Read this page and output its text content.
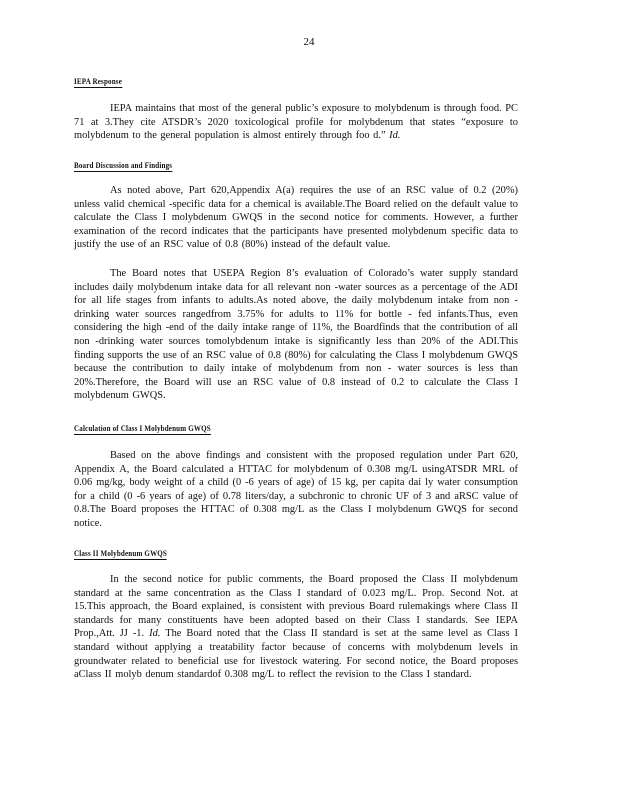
24
IEPA Response
IEPA maintains that most of the general public’s exposure to molybdenum is through food. PC 71 at 3.They cite ATSDR’s 2020 toxicological profile for molybdenum that states “exposure to molybdenum to the general population is almost entirely through foo d.” Id.
Board Discussion and Findings
As noted above, Part 620,Appendix A(a) requires the use of an RSC value of 0.2 (20%) unless valid chemical -specific data for a chemical is available.The Board relied on the default value to calculate the Class I molybdenum GWQS in the second notice for comments. However, a further examination of the record indicates that the participants have presented molybdenum specific data to justify the use of an RSC value of 0.8 (80%) instead of the default value.
The Board notes that USEPA Region 8’s evaluation of Colorado’s water supply standard includes daily molybdenum intake data for all relevant non -water sources as a percentage of the ADI for all life stages from infants to adults.As noted above, the daily molybdenum intake from non -drinking water sources rangedfrom 3.75% for adults to 11% for bottle - fed infants.Thus, even considering the high -end of the daily intake range of 11%, the Boardfinds that the contribution of all non -drinking water sources tomolybdenum intake is significantly less than 20% of the ADI.This finding supports the use of an RSC value of 0.8 (80%) for calculating the Class I molybdenum GWQS because the contribution to daily intake of molybdenum from non - water sources is less than 20%.Therefore, the Board will use an RSC value of 0.8 instead of 0.2 to calculate the Class I molybdenum GWQS.
Calculation of Class I Molybdenum GWQS
Based on the above findings and consistent with the proposed regulation under Part 620, Appendix A, the Board calculated a HTTAC for molybdenum of 0.308 mg/L usingATSDR MRL of 0.06 mg/kg, body weight of a child (0 -6 years of age) of 15 kg, per capita dai ly water consumption for a child (0 -6 years of age) of 0.78 liters/day, a subchronic to chronic UF of 3 and aRSC value of 0.8.The Board proposes the HTTAC of 0.308 mg/L as the Class I molybdenum GWQS for second notice.
Class II Molybdenum GWQS
In the second notice for public comments, the Board proposed the Class II molybdenum standard at the same concentration as the Class I standard of 0.023 mg/L. Prop. Second Not. at 15.This approach, the Board explained, is consistent with previous Board rulemakings where Class II standards for many constituents have been adopted based on their Class I standards. See IEPA Prop.,Att. JJ -1. Id. The Board noted that the Class II standard is set at the same level as Class I standard without applying a treatability factor because of concerns with molybdenum levels in groundwater related to beneficial use for livestock watering. For second notice, the Board proposes aClass II molyb denum standardof 0.308 mg/L to reflect the revision to the Class I standard.
